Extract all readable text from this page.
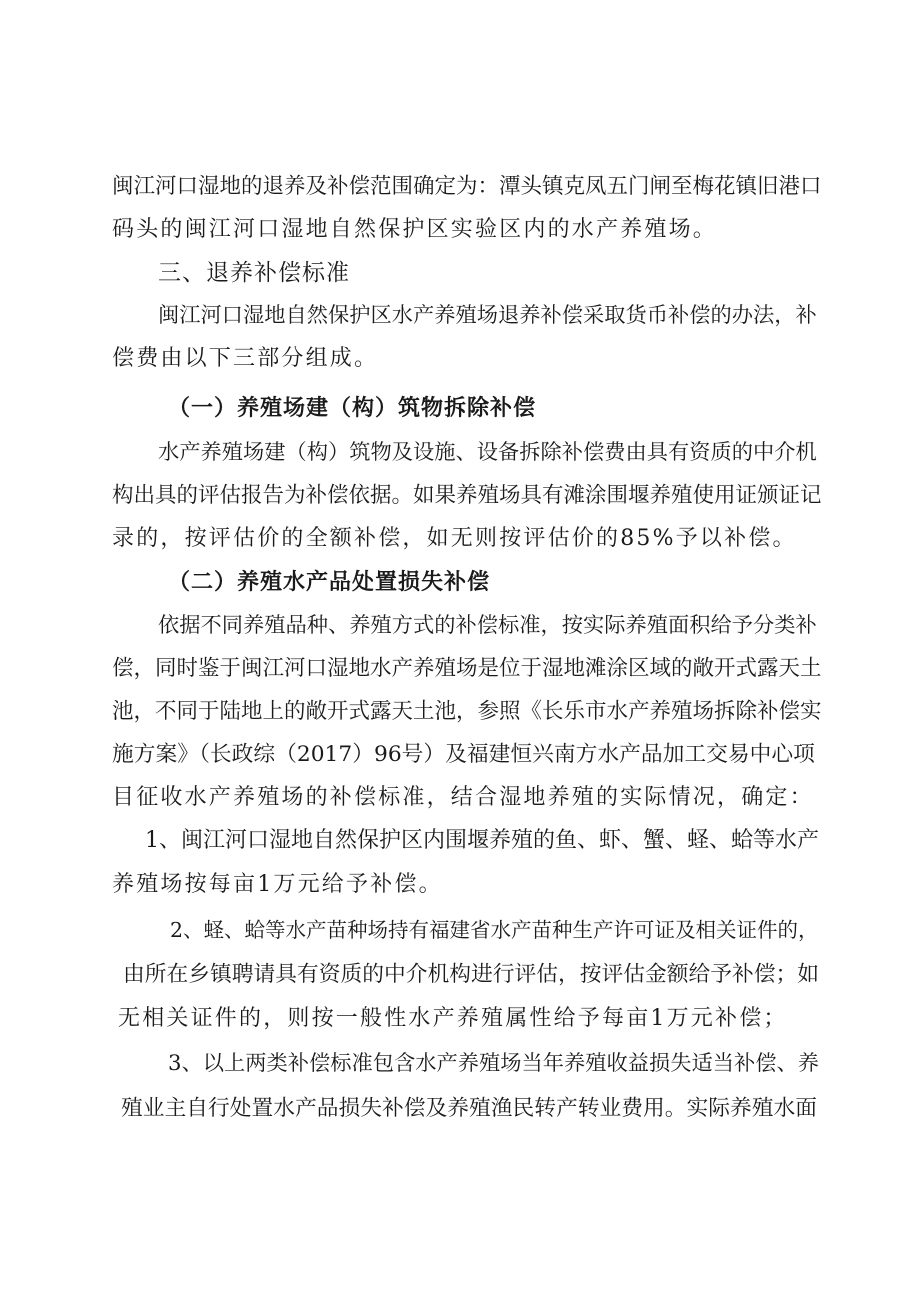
闽江河口湿地的退养及补偿范围确定为：潭头镇克凤五门闸至梅花镇旧港口
码头的闽江河口湿地自然保护区实验区内的水产养殖场。
三、退养补偿标准
闽江河口湿地自然保护区水产养殖场退养补偿采取货币补偿的办法，补
偿费由以下三部分组成。
（一）养殖场建（构）筑物拆除补偿
水产养殖场建（构）筑物及设施、设备拆除补偿费由具有资质的中介机
构出具的评估报告为补偿依据。如果养殖场具有滩涂围堰养殖使用证颁证记
录的，按评估价的全额补偿，如无则按评估价的85%予以补偿。
（二）养殖水产品处置损失补偿
依据不同养殖品种、养殖方式的补偿标准，按实际养殖面积给予分类补
偿，同时鉴于闽江河口湿地水产养殖场是位于湿地滩涂区域的敞开式露天土
池，不同于陆地上的敞开式露天土池，参照《长乐市水产养殖场拆除补偿实
施方案》（长政综（2017）96号）及福建恒兴南方水产品加工交易中心项
目征收水产养殖场的补偿标准，结合湿地养殖的实际情况，确定：
1、闽江河口湿地自然保护区内围堰养殖的鱼、虾、蟹、蛏、蛤等水产
养殖场按每亩1万元给予补偿。
2、蛏、蛤等水产苗种场持有福建省水产苗种生产许可证及相关证件的，
由所在乡镇聘请具有资质的中介机构进行评估，按评估金额给予补偿；如
无相关证件的，则按一般性水产养殖属性给予每亩1万元补偿；
3、以上两类补偿标准包含水产养殖场当年养殖收益损失适当补偿、养
殖业主自行处置水产品损失补偿及养殖渔民转产转业费用。实际养殖水面
